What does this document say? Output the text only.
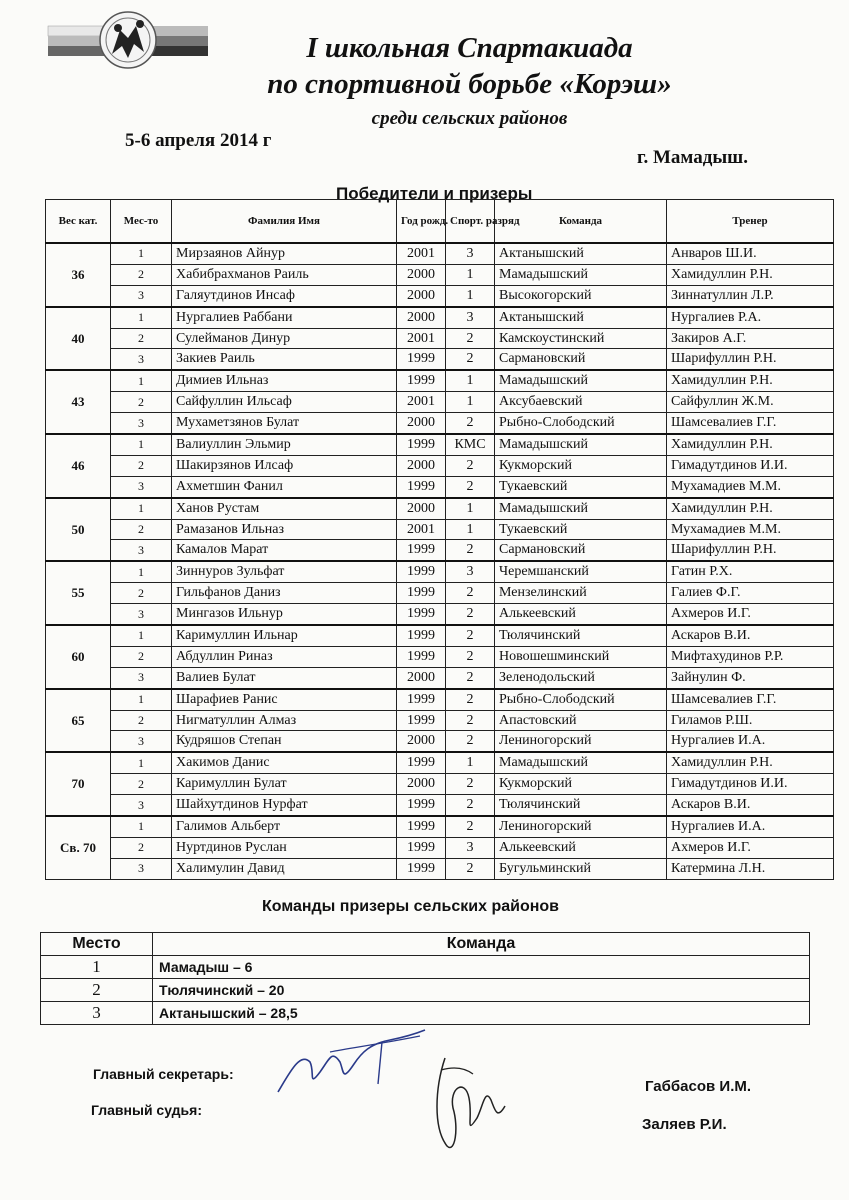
I школьная Спартакиада
по спортивной борьбе «Корэш»
среди сельских районов
5-6 апреля 2014 г
г. Мамадыш.
Победители и призеры
Вес кат.	Мес-то	Фамилия Имя	Год рожд.	Спорт. разряд	Команда	Тренер
36	1	Мирзаянов Айнур	2001	3	Актанышский	Анваров Ш.И.
	2	Хабибрахманов Раиль	2000	1	Мамадышский	Хамидуллин Р.Н.
	3	Галяутдинов Инсаф	2000	1	Высокогорский	Зиннатуллин Л.Р.
40	1	Нургалиев Раббани	2000	3	Актанышский	Нургалиев Р.А.
	2	Сулейманов Динур	2001	2	Камскоустинский	Закиров А.Г.
	3	Закиев Раиль	1999	2	Сармановский	Шарифуллин Р.Н.
43	1	Димиев Ильназ	1999	1	Мамадышский	Хамидуллин Р.Н.
	2	Сайфуллин Ильсаф	2001	1	Аксубаевский	Сайфуллин Ж.М.
	3	Мухаметзянов Булат	2000	2	Рыбно-Слободский	Шамсевалиев Г.Г.
46	1	Валиуллин Эльмир	1999	КМС	Мамадышский	Хамидуллин Р.Н.
	2	Шакирзянов Илсаф	2000	2	Кукморский	Гимадутдинов И.И.
	3	Ахметшин Фанил	1999	2	Тукаевский	Мухамадиев М.М.
50	1	Ханов Рустам	2000	1	Мамадышский	Хамидуллин Р.Н.
	2	Рамазанов Ильназ	2001	1	Тукаевский	Мухамадиев М.М.
	3	Камалов Марат	1999	2	Сармановский	Шарифуллин Р.Н.
55	1	Зиннуров Зульфат	1999	3	Черемшанский	Гатин Р.Х.
	2	Гильфанов Даниз	1999	2	Мензелинский	Галиев Ф.Г.
	3	Мингазов Ильнур	1999	2	Алькеевский	Ахмеров И.Г.
60	1	Каримуллин Ильнар	1999	2	Тюлячинский	Аскаров В.И.
	2	Абдуллин Риназ	1999	2	Новошешминский	Мифтахудинов Р.Р.
	3	Валиев Булат	2000	2	Зеленодольский	Зайнулин Ф.
65	1	Шарафиев Ранис	1999	2	Рыбно-Слободский	Шамсевалиев Г.Г.
	2	Нигматуллин Алмаз	1999	2	Апастовский	Гиламов Р.Ш.
	3	Кудряшов Степан	2000	2	Лениногорский	Нургалиев И.А.
70	1	Хакимов Данис	1999	1	Мамадышский	Хамидуллин Р.Н.
	2	Каримуллин Булат	2000	2	Кукморский	Гимадутдинов И.И.
	3	Шайхутдинов Нурфат	1999	2	Тюлячинский	Аскаров В.И.
Св. 70	1	Галимов Альберт	1999	2	Лениногорский	Нургалиев И.А.
	2	Нуртдинов Руслан	1999	3	Алькеевский	Ахмеров И.Г.
	3	Халимулин Давид	1999	2	Бугульминский	Катермина Л.Н.
Команды призеры сельских районов
Место	Команда
1	Мамадыш – 6
2	Тюлячинский – 20
3	Актанышский – 28,5
Главный секретарь:
Габбасов И.М.
Главный судья:
Заляев Р.И.
